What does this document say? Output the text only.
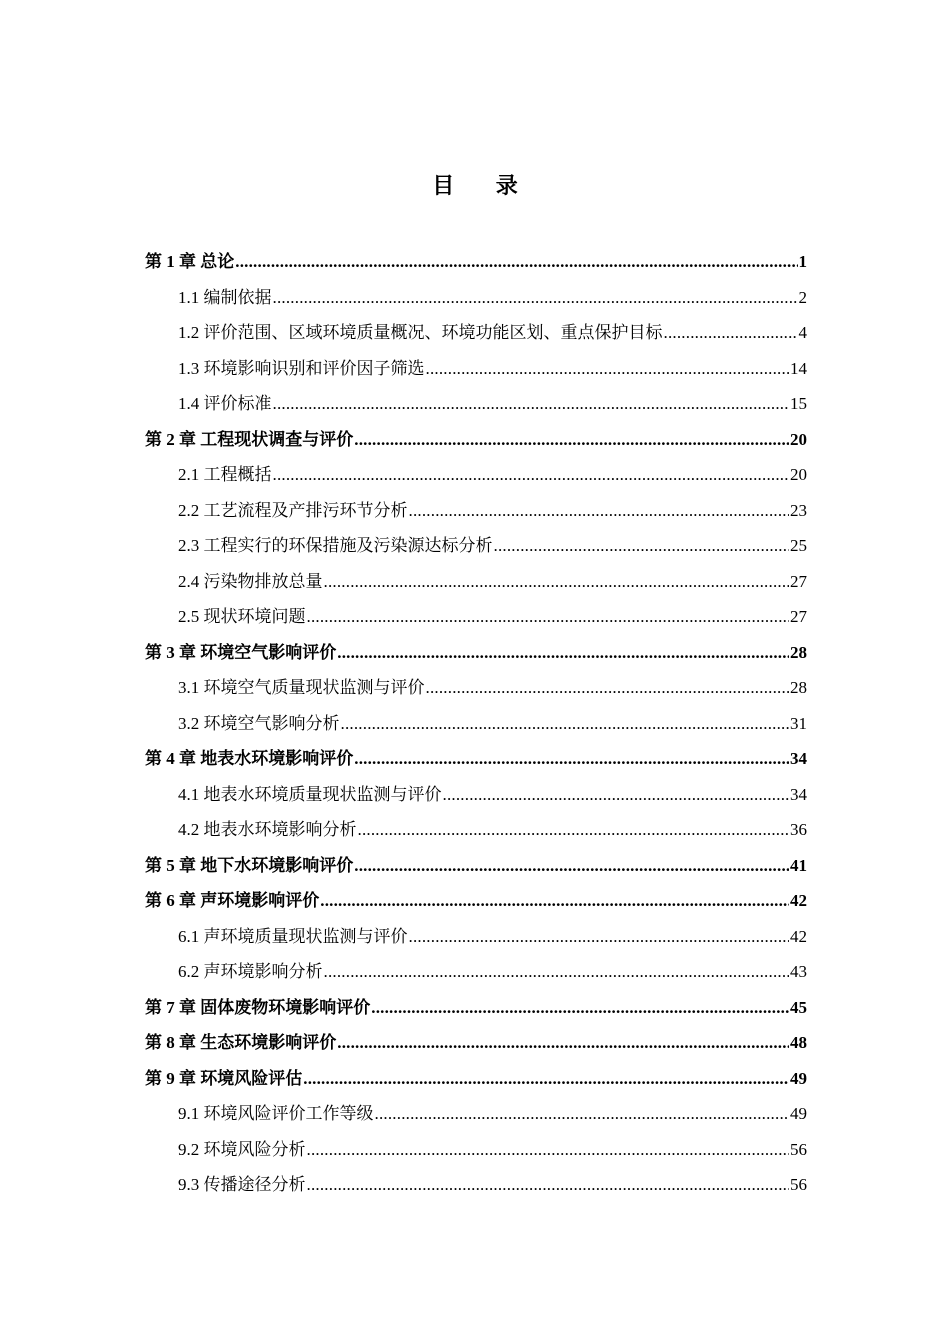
目 录
第 1 章 总论 .....	1
1.1 编制依据 .....	2
1.2 评价范围、区域环境质量概况、环境功能区划、重点保护目标 .....	4
1.3 环境影响识别和评价因子筛选 .....	14
1.4 评价标准 .....	15
第 2 章 工程现状调查与评价 .....	20
2.1 工程概括 .....	20
2.2 工艺流程及产排污环节分析 .....	23
2.3 工程实行的环保措施及污染源达标分析 .....	25
2.4 污染物排放总量 .....	27
2.5 现状环境问题 .....	27
第 3 章 环境空气影响评价 .....	28
3.1 环境空气质量现状监测与评价 .....	28
3.2 环境空气影响分析 .....	31
第 4 章 地表水环境影响评价 .....	34
4.1 地表水环境质量现状监测与评价 .....	34
4.2 地表水环境影响分析 .....	36
第 5 章 地下水环境影响评价 .....	41
第 6 章 声环境影响评价 .....	42
6.1 声环境质量现状监测与评价 .....	42
6.2 声环境影响分析 .....	43
第 7 章 固体废物环境影响评价 .....	45
第 8 章 生态环境影响评价 .....	48
第 9 章 环境风险评估 .....	49
9.1 环境风险评价工作等级 .....	49
9.2 环境风险分析 .....	56
9.3 传播途径分析 .....	56
